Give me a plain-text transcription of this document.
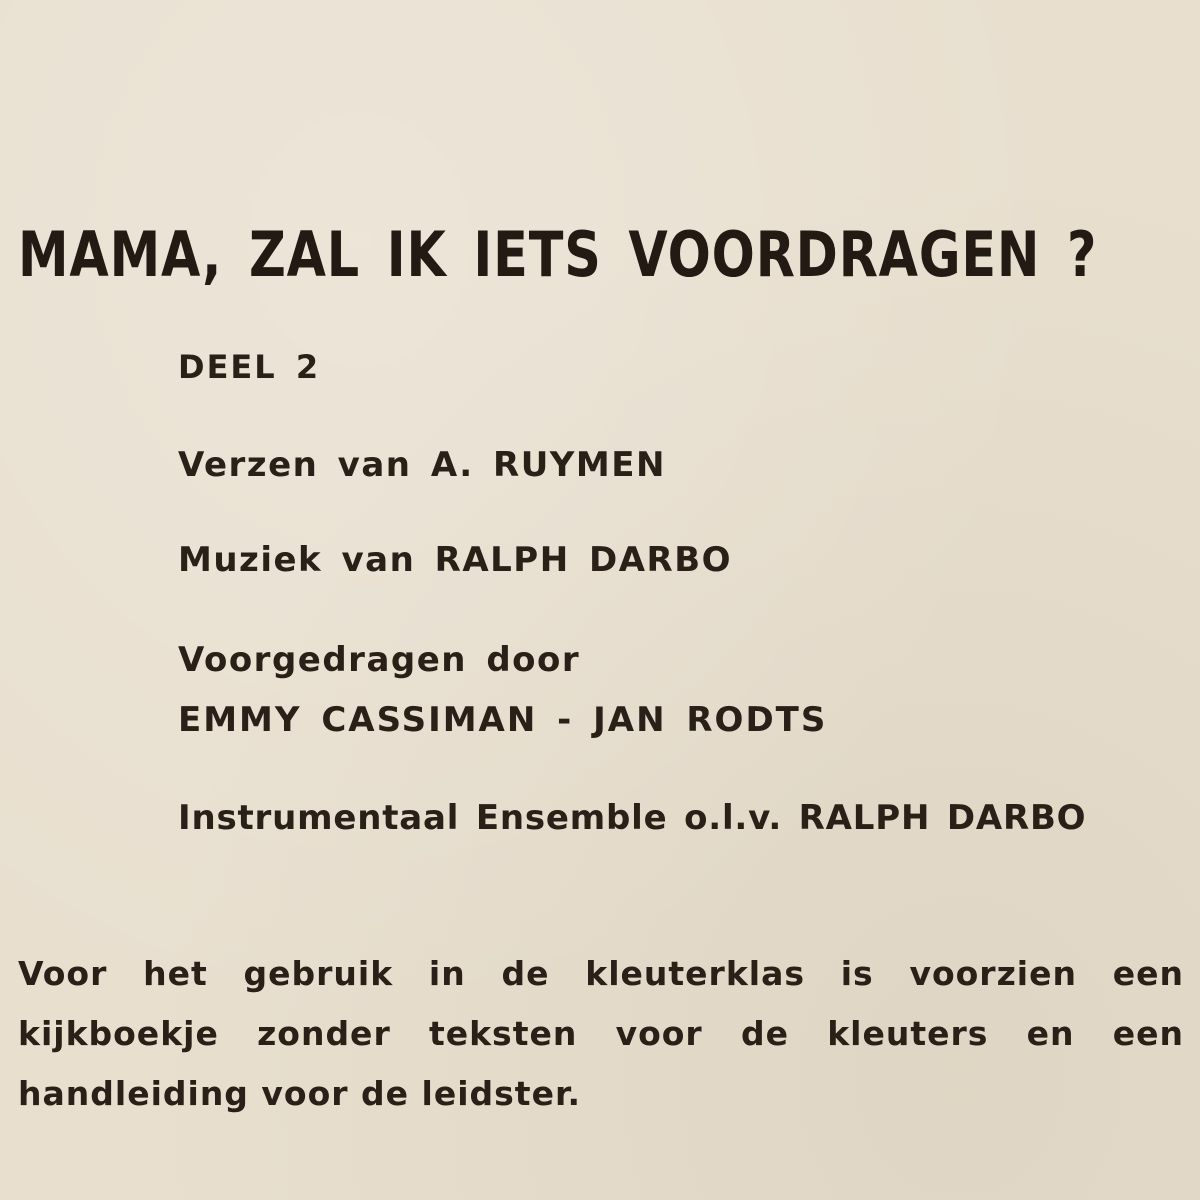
MAMA, ZAL IK IETS VOORDRAGEN ?
DEEL 2
Verzen van A. RUYMEN
Muziek van RALPH DARBO
Voorgedragen door
EMMY CASSIMAN - JAN RODTS
Instrumentaal Ensemble o.l.v. RALPH DARBO

Voor het gebruik in de kleuterklas is voorzien een kijkboekje zonder teksten voor de kleuters en een handleiding voor de leidster.
